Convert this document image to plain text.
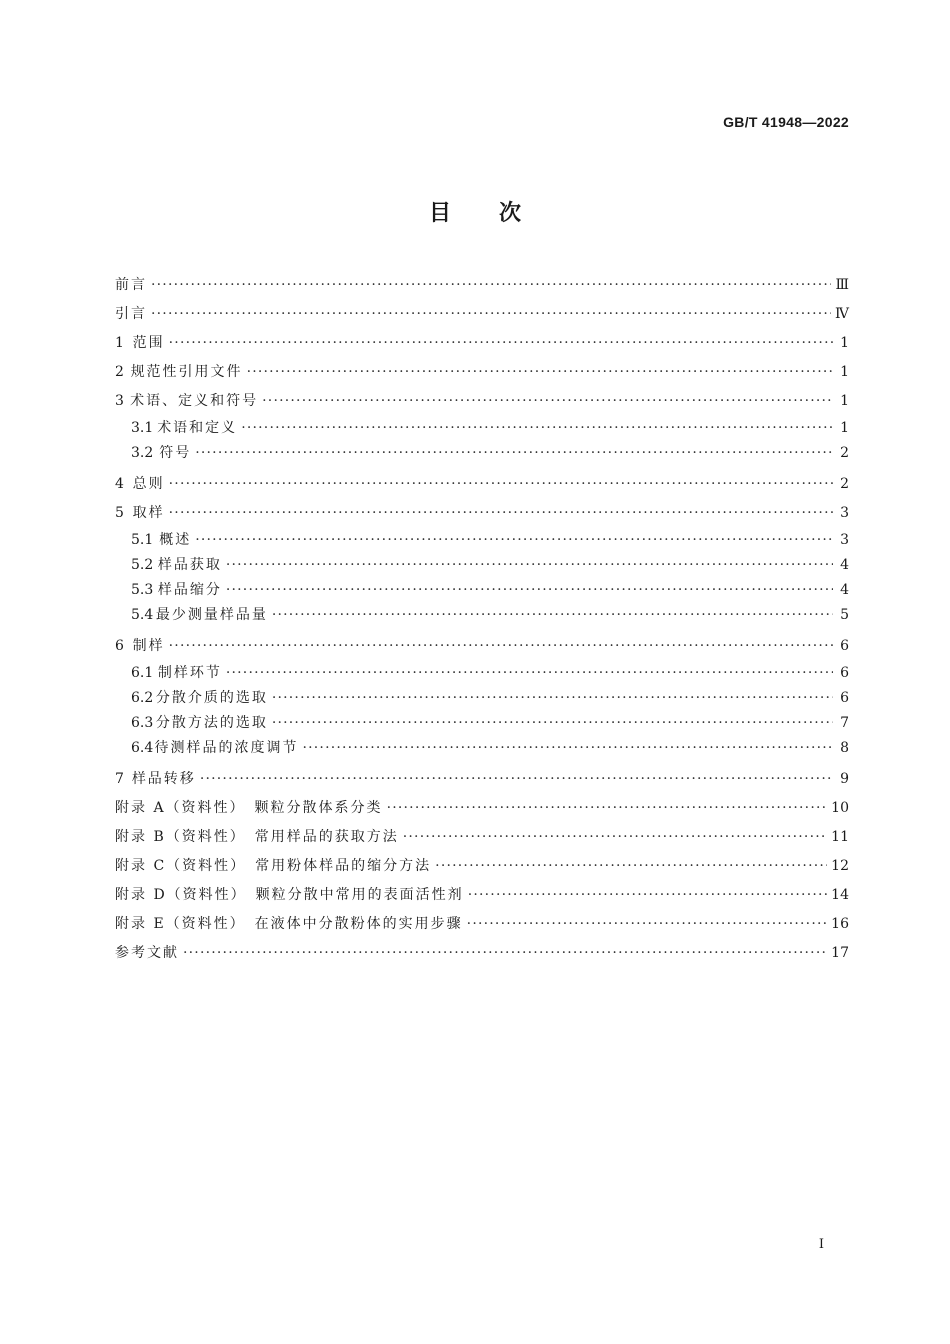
GB/T 41948—2022
目次
前言 ·····	Ⅲ
引言 ·····	Ⅳ
1 范围 ·····	1
2 规范性引用文件 ·····	1
3 术语、定义和符号 ·····	1
3.1 术语和定义 ·····	1
3.2 符号 ·····	2
4 总则 ·····	2
5 取样 ·····	3
5.1 概述 ·····	3
5.2 样品获取 ·····	4
5.3 样品缩分 ·····	4
5.4 最少测量样品量 ·····	5
6 制样 ·····	6
6.1 制样环节 ·····	6
6.2 分散介质的选取 ·····	6
6.3 分散方法的选取 ·····	7
6.4 待测样品的浓度调节 ·····	8
7 样品转移 ·····	9
附录 A（资料性）　颗粒分散体系分类 ·····	10
附录 B（资料性）　常用样品的获取方法 ·····	11
附录 C（资料性）　常用粉体样品的缩分方法 ·····	12
附录 D（资料性）　颗粒分散中常用的表面活性剂 ·····	14
附录 E（资料性）　在液体中分散粉体的实用步骤 ·····	16
参考文献 ·····	17
I
